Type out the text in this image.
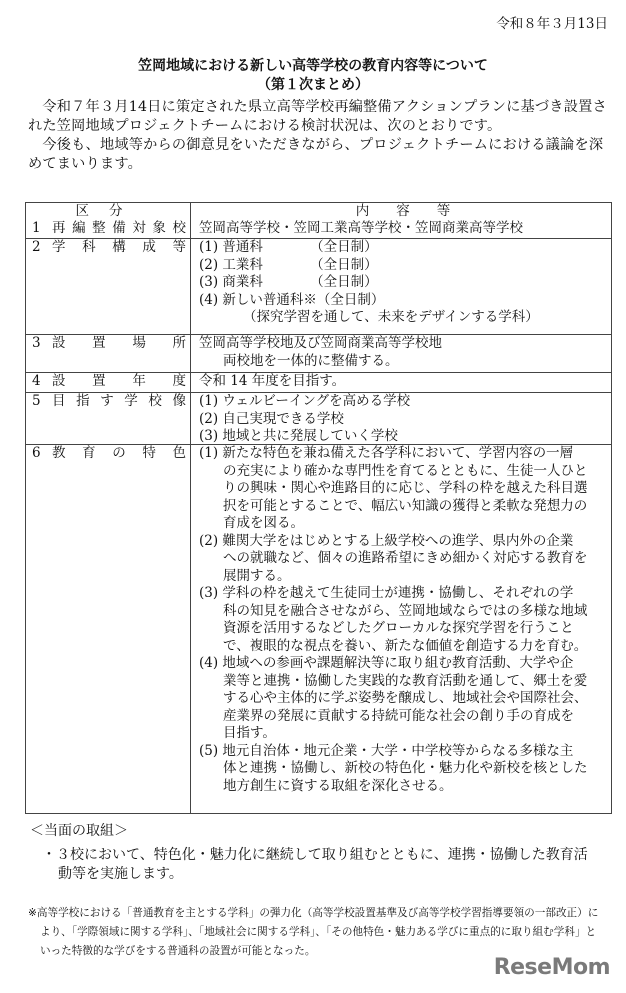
令和８年３月13日
笠岡地域における新しい高等学校の教育内容等について
（第１次まとめ）
　令和７年３月14日に策定された県立高等学校再編整備アクションプランに基づき設置さ
れた笠岡地域プロジェクトチームにおける検討状況は、次のとおりです。
　今後も、地域等からの御意見をいただきながら、プロジェクトチームにおける議論を深
めてまいります。
区分	内　　容　　等
1 再編整備対象校 笠岡高等学校・笠岡工業高等学校・笠岡商業高等学校
2 学科構成等 (1) 普通科　　　　（全日制）
(2) 工業科　　　　（全日制）
(3) 商業科　　　　（全日制）
(4) 新しい普通科※（全日制）
（探究学習を通して、未来をデザインする学科）
3 設置場所 笠岡高等学校地及び笠岡商業高等学校地
両校地を一体的に整備する。
4 設置年度 令和 14 年度を目指す。
5 目指す学校像 (1) ウェルビーイングを高める学校
(2) 自己実現できる学校
(3) 地域と共に発展していく学校
6 教育の特色 (1) 新たな特色を兼ね備えた各学科において、学習内容の一層
の充実により確かな専門性を育てるとともに、生徒一人ひと
りの興味・関心や進路目的に応じ、学科の枠を越えた科目選
択を可能とすることで、幅広い知識の獲得と柔軟な発想力の
育成を図る。
(2) 難関大学をはじめとする上級学校への進学、県内外の企業
への就職など、個々の進路希望にきめ細かく対応する教育を
展開する。
(3) 学科の枠を越えて生徒同士が連携・協働し、それぞれの学
科の知見を融合させながら、笠岡地域ならではの多様な地域
資源を活用するなどしたグローカルな探究学習を行うこと
で、複眼的な視点を養い、新たな価値を創造する力を育む。
(4) 地域への参画や課題解決等に取り組む教育活動、大学や企
業等と連携・協働した実践的な教育活動を通して、郷土を愛
する心や主体的に学ぶ姿勢を醸成し、地域社会や国際社会、
産業界の発展に貢献する持続可能な社会の創り手の育成を
目指す。
(5) 地元自治体・地元企業・大学・中学校等からなる多様な主
体と連携・協働し、新校の特色化・魅力化や新校を核とした
地方創生に資する取組を深化させる。
＜当面の取組＞
・３校において、特色化・魅力化に継続して取り組むとともに、連携・協働した教育活
動等を実施します。
※高等学校における「普通教育を主とする学科」の弾力化（高等学校設置基準及び高等学校学習指導要領の一部改正）に
より、「学際領域に関する学科」、「地域社会に関する学科」、「その他特色・魅力ある学びに重点的に取り組む学科」と
いった特徴的な学びをする普通科の設置が可能となった。
ReseMom
